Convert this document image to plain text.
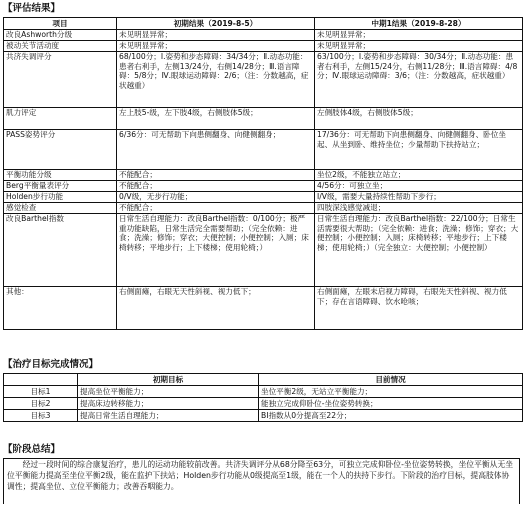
【评估结果】
项目	初期结果（2019-8-5）	中期1结果（2019-8-28）
改良Ashworth分级	未见明显异常；	未见明显异常；
被动关节活动度	未见明显异常；	未见明显异常；
共济失调评分	68/100分；Ⅰ.姿势和步态障碍：34/34分；Ⅱ.动态功能：患者右利手，左侧13/24分，右侧14/28分；Ⅲ.语言障碍：5/8分；Ⅳ.眼球运动障碍：2/6；（注：分数越高，症状越重）	63/100分；Ⅰ.姿势和步态障碍：30/34分；Ⅱ.动态功能：患者右利手，左侧15/24分，右侧11/28分；Ⅲ.语言障碍：4/8分；Ⅳ.眼球运动障碍：3/6；（注：分数越高，症状越重）
肌力评定	左上肢5-级，左下肢4级，右侧肢体5级；	左侧肢体4级，右侧肢体5级；
PASS姿势评分	6/36分：可无帮助下向患侧翻身、向健侧翻身；	17/36分：可无帮助下向患侧翻身、向健侧翻身、卧位坐起、从坐到卧、维持坐位；少量帮助下扶持站立；
平衡功能分级	不能配合；	坐位2级，不能独立站立；
Berg平衡量表评分	不能配合；	4/56分：可独立坐；
Holden步行功能	0/V级，无步行功能；	I/V级，需要大量持续性帮助下步行；
感觉检查	不能配合；	四肢深浅感觉减退；
改良Barthel指数	日常生活自理能力：改良Barthel指数：0/100分；极严重功能缺陷，日常生活完全需要帮助；（完全依赖：进食；洗澡；修饰；穿衣；大便控制；小便控制；入厕；床椅转移；平地步行；上下楼梯；使用轮椅；）	日常生活自理能力：改良Barthel指数：22/100分；日常生活需要很大帮助；（完全依赖：进食；洗澡；修饰；穿衣；大便控制；小便控制；入厕；床椅转移；平地步行；上下楼梯；使用轮椅；）（完全独立：大便控制；小便控制）
其他：	右侧面瘫，右眼无天性斜视、视力低下；	右侧面瘫，左眼未启视力障碍，右眼先天性斜视、视力低下；存在言语障碍、饮水呛咳；
【治疗目标完成情况】
	初期目标	目前情况
目标1	提高坐位平衡能力；	坐位平衡2级，无站立平衡能力；
目标2	提高床边转移能力；	能独立完成仰卧位-坐位姿势转换；
目标3	提高日常生活自理能力；	BI指数从0分提高至22分；
【阶段总结】

经过一段时间的综合康复治疗，患儿的运动功能较前改善。共济失调评分从68分降至63分，可独立完成仰卧位-坐位姿势转换，坐位平衡从无坐位平衡能力提高至坐位平衡2级，能在监护下扶站；Holden步行功能从0级提高至1级，能在一个人的扶持下步行。下阶段的治疗目标，提高肢体协调性；提高坐位、立位平衡能力；改善吞咽能力。
